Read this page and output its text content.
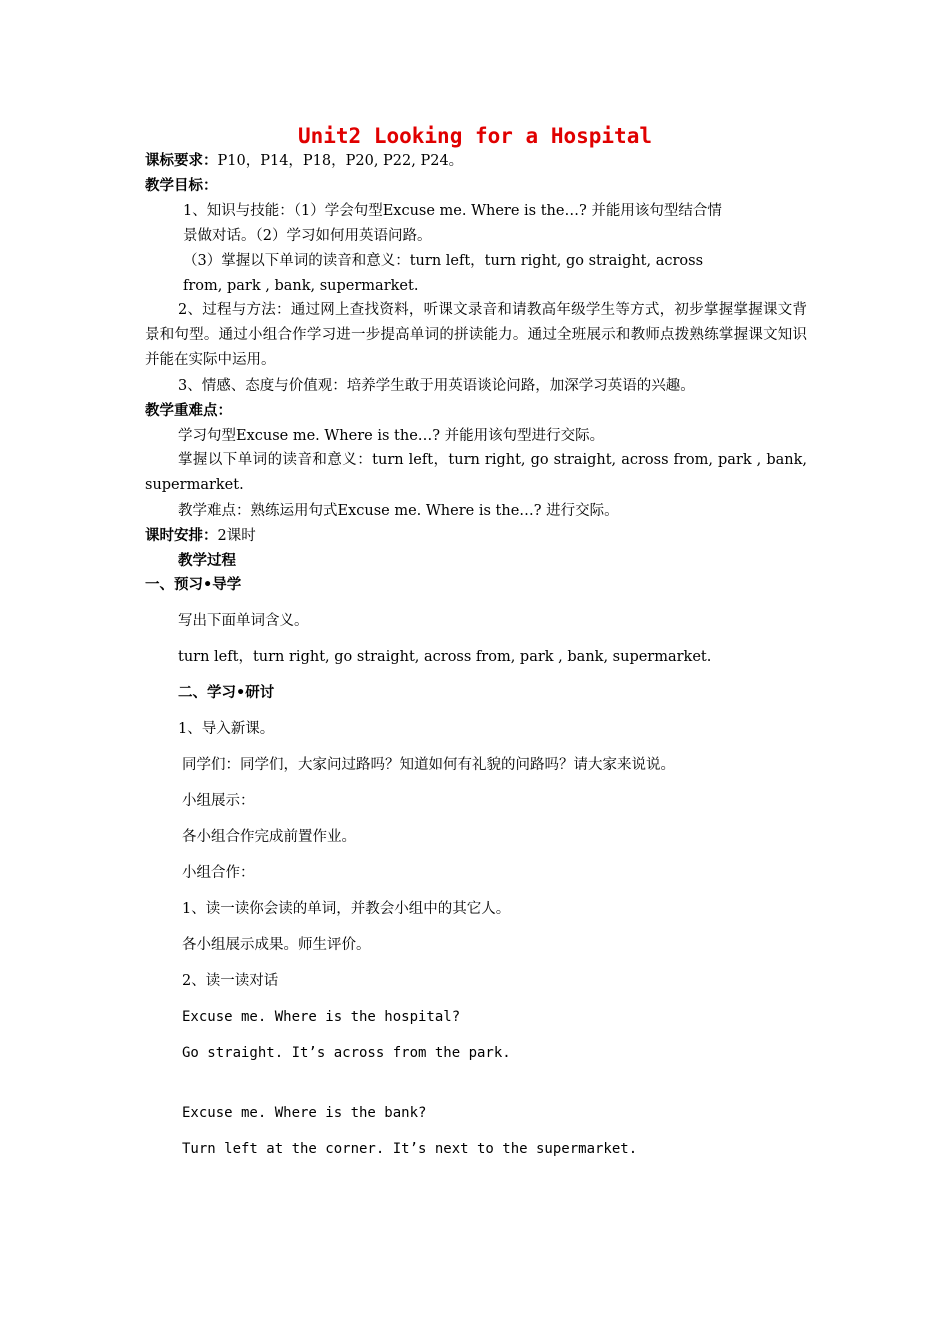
Unit2 Looking for a Hospital
课标要求：P10，P14，P18，P20, P22, P24。
教学目标：
1、知识与技能：（1）学会句型Excuse me. Where is the…? 并能用该句型结合情
景做对话。（2）学习如何用英语问路。
（3）掌握以下单词的读音和意义：turn left，turn right, go straight, across
from, park , bank, supermarket.
2、过程与方法：通过网上查找资料，听课文录音和请教高年级学生等方式，初步掌握掌握课文背景和句型。通过小组合作学习进一步提高单词的拼读能力。通过全班展示和教师点拨熟练掌握课文知识并能在实际中运用。
3、情感、态度与价值观：培养学生敢于用英语谈论问路，加深学习英语的兴趣。
教学重难点：
学习句型Excuse me. Where is the…? 并能用该句型进行交际。
掌握以下单词的读音和意义：turn left，turn right, go straight, across from, park , bank, supermarket.
教学难点：熟练运用句式Excuse me. Where is the…? 进行交际。
课时安排：2课时
教学过程
一、预习•导学
写出下面单词含义。
turn left，turn right, go straight, across from, park , bank, supermarket.
二、学习•研讨
1、导入新课。
同学们：同学们，大家问过路吗？知道如何有礼貌的问路吗？请大家来说说。
小组展示：
各小组合作完成前置作业。
小组合作：
1、读一读你会读的单词，并教会小组中的其它人。
各小组展示成果。师生评价。
2、读一读对话
Excuse me. Where is the hospital?
Go straight. It’s across from the park.
Excuse me. Where is the bank?
Turn left at the corner. It’s next to the supermarket.
